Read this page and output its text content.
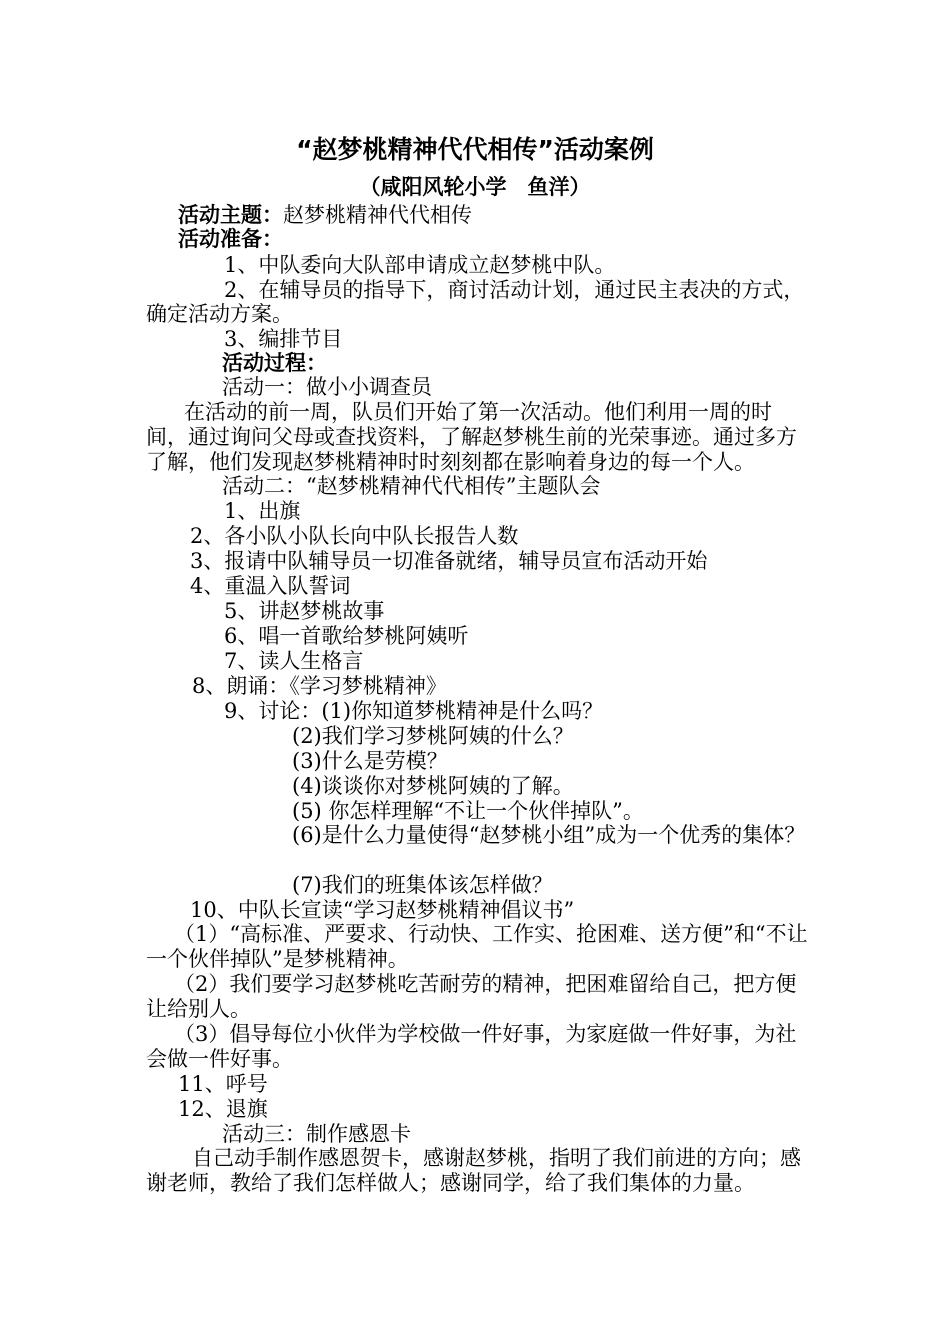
“赵梦桃精神代代相传”活动案例
（咸阳风轮小学　鱼洋）
活动主题：赵梦桃精神代代相传
活动准备：
1、中队委向大队部申请成立赵梦桃中队。
2、在辅导员的指导下，商讨活动计划，通过民主表决的方式，确定活动方案。
3、编排节目
活动过程：
活动一：做小小调查员
在活动的前一周，队员们开始了第一次活动。他们利用一周的时间，通过询问父母或查找资料，了解赵梦桃生前的光荣事迹。通过多方了解，他们发现赵梦桃精神时时刻刻都在影响着身边的每一个人。
活动二：“赵梦桃精神代代相传”主题队会
1、出旗
2、各小队小队长向中队长报告人数
3、报请中队辅导员一切准备就绪，辅导员宣布活动开始
4、重温入队誓词
5、讲赵梦桃故事
6、唱一首歌给梦桃阿姨听
7、读人生格言
8、朗诵：《学习梦桃精神》
9、讨论：(1)你知道梦桃精神是什么吗？
(2)我们学习梦桃阿姨的什么？
(3)什么是劳模？
(4)谈谈你对梦桃阿姨的了解。
(5) 你怎样理解“不让一个伙伴掉队”。
(6)是什么力量使得“赵梦桃小组”成为一个优秀的集体？
(7)我们的班集体该怎样做？
10、中队长宣读“学习赵梦桃精神倡议书”
（1）“高标准、严要求、行动快、工作实、抢困难、送方便”和“不让一个伙伴掉队”是梦桃精神。
（2）我们要学习赵梦桃吃苦耐劳的精神，把困难留给自己，把方便让给别人。
（3）倡导每位小伙伴为学校做一件好事，为家庭做一件好事，为社会做一件好事。
11、呼号
12、退旗
活动三：制作感恩卡
自己动手制作感恩贺卡，感谢赵梦桃，指明了我们前进的方向；感谢老师，教给了我们怎样做人；感谢同学，给了我们集体的力量。
